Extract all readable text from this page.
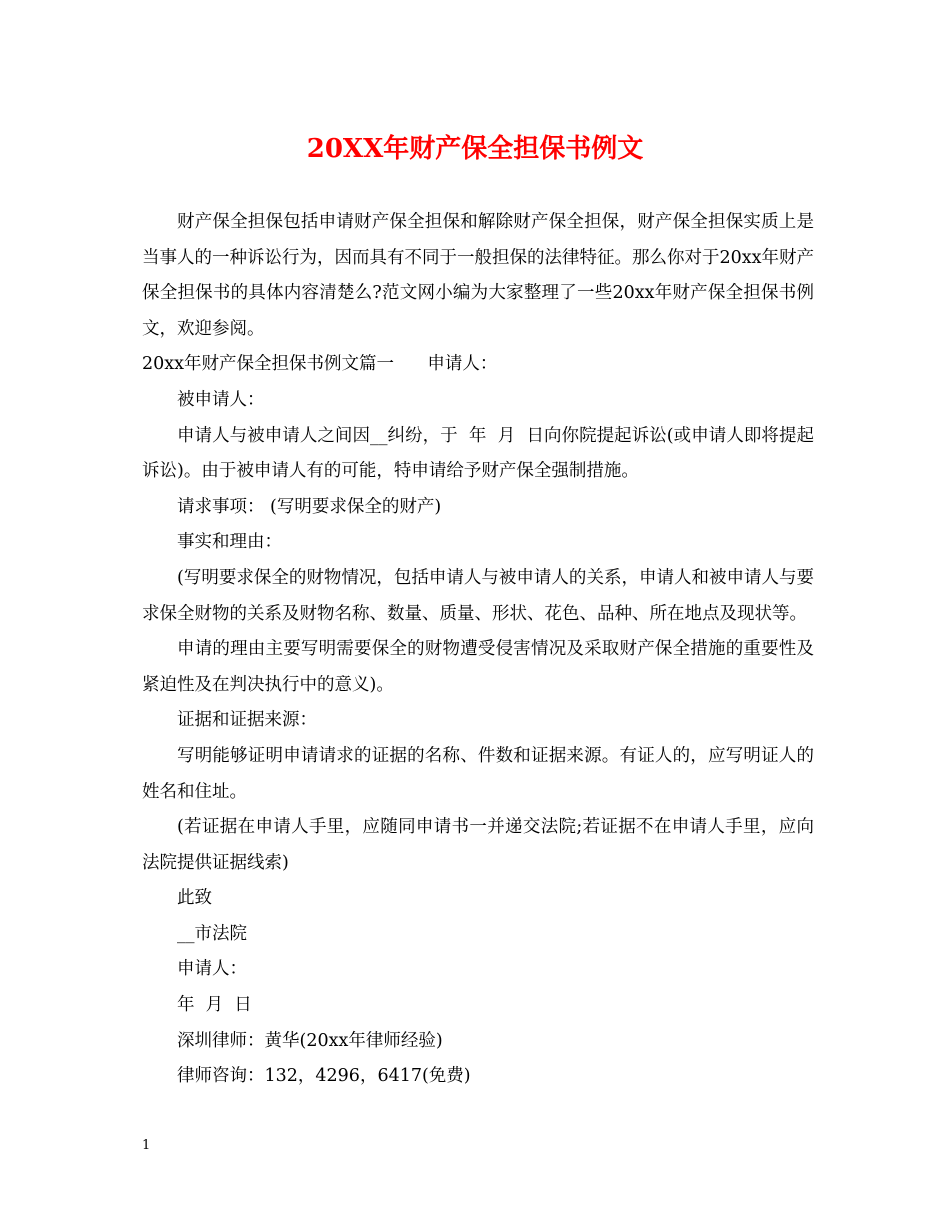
20XX年财产保全担保书例文

财产保全担保包括申请财产保全担保和解除财产保全担保，财产保全担保实质上是当事人的一种诉讼行为，因而具有不同于一般担保的法律特征。那么你对于20xx年财产保全担保书的具体内容清楚么?范文网小编为大家整理了一些20xx年财产保全担保书例文，欢迎参阅。

20xx年财产保全担保书例文篇一      申请人：

被申请人：

申请人与被申请人之间因__纠纷，于  年  月  日向你院提起诉讼(或申请人即将提起诉讼)。由于被申请人有的可能，特申请给予财产保全强制措施。

请求事项： (写明要求保全的财产)

事实和理由：

(写明要求保全的财物情况，包括申请人与被申请人的关系，申请人和被申请人与要求保全财物的关系及财物名称、数量、质量、形状、花色、品种、所在地点及现状等。

申请的理由主要写明需要保全的财物遭受侵害情况及采取财产保全措施的重要性及紧迫性及在判决执行中的意义)。

证据和证据来源：

写明能够证明申请请求的证据的名称、件数和证据来源。有证人的，应写明证人的姓名和住址。

(若证据在申请人手里，应随同申请书一并递交法院;若证据不在申请人手里，应向法院提供证据线索)

此致

__市法院

申请人：

年  月  日

深圳律师：黄华(20xx年律师经验)

律师咨询：132，4296，6417(免费)

1
